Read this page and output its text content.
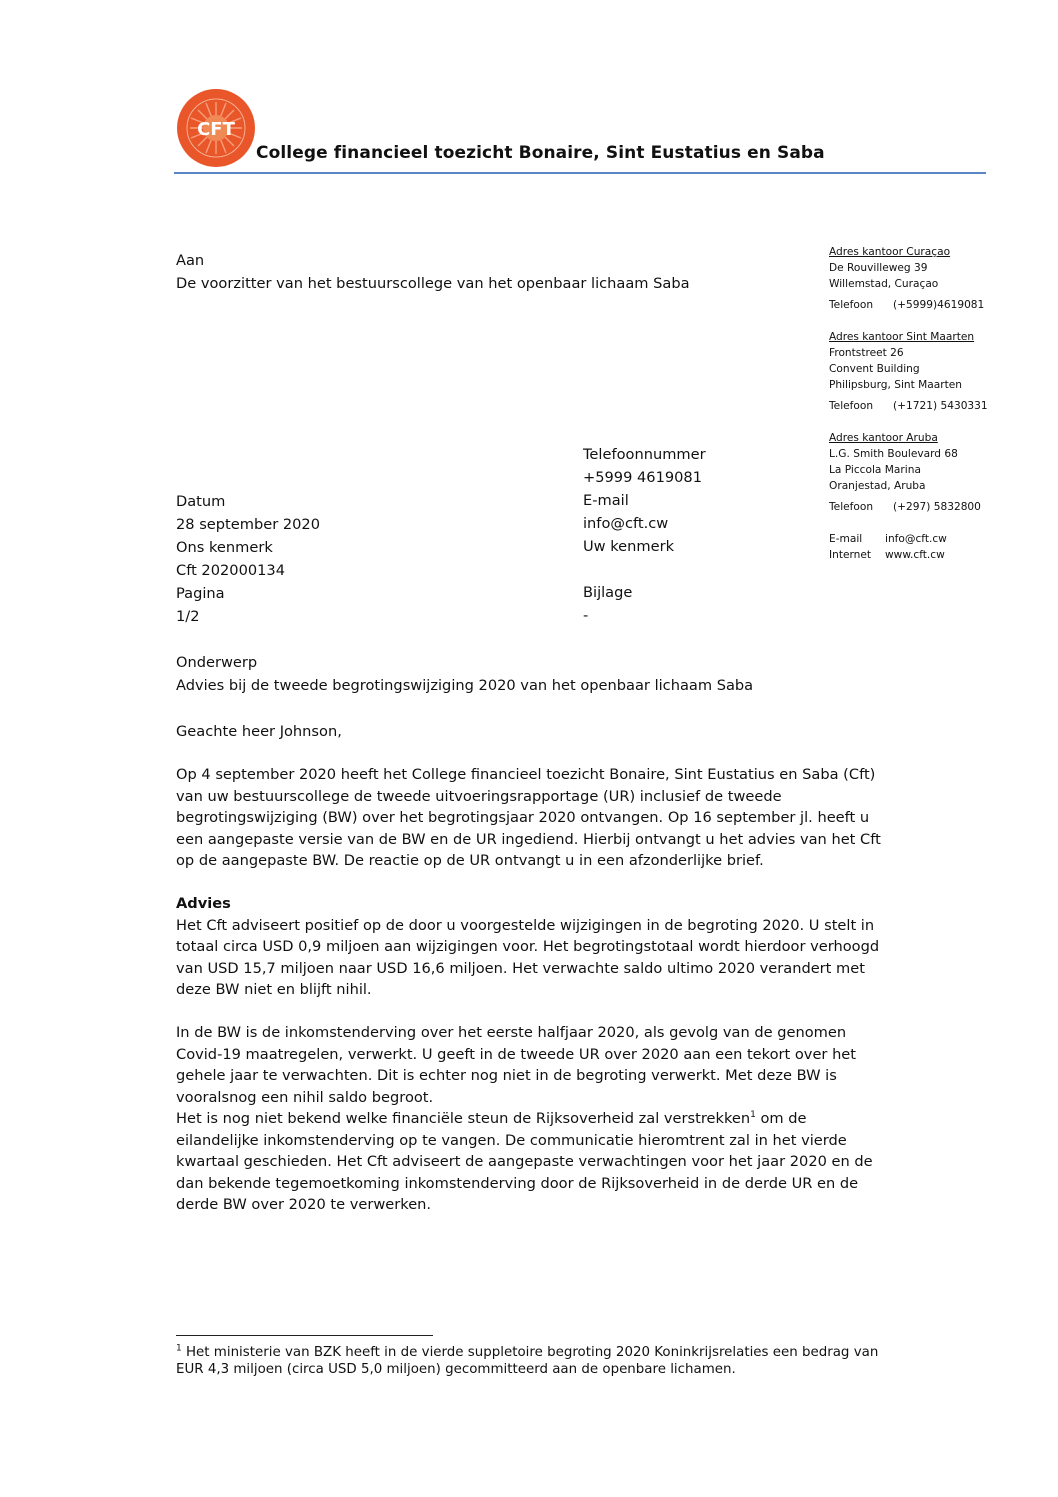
CFT
College financieel toezicht Bonaire, Sint Eustatius en Saba
Aan
De voorzitter van het bestuurscollege van het openbaar lichaam Saba
Datum
28 september 2020
Ons kenmerk
Cft 202000134
Pagina
1/2
Telefoonnummer
+5999 4619081
E-mail
info@cft.cw
Uw kenmerk
Bijlage
-
Onderwerp
Advies bij de tweede begrotingswijziging 2020 van het openbaar lichaam Saba
Adres kantoor Curaçao
De Rouvilleweg 39
Willemstad, Curaçao
Telefoon (+5999)4619081
Adres kantoor Sint Maarten
Frontstreet 26
Convent Building
Philipsburg, Sint Maarten
Telefoon (+1721) 5430331
Adres kantoor Aruba
L.G. Smith Boulevard 68
La Piccola Marina
Oranjestad, Aruba
Telefoon (+297) 5832800
E-mail info@cft.cw
Internet www.cft.cw

Geachte heer Johnson,

Op 4 september 2020 heeft het College financieel toezicht Bonaire, Sint Eustatius en Saba (Cft) van uw bestuurscollege de tweede uitvoeringsrapportage (UR) inclusief de tweede begrotingswijziging (BW) over het begrotingsjaar 2020 ontvangen. Op 16 september jl. heeft u een aangepaste versie van de BW en de UR ingediend. Hierbij ontvangt u het advies van het Cft op de aangepaste BW. De reactie op de UR ontvangt u in een afzonderlijke brief.

Advies

Het Cft adviseert positief op de door u voorgestelde wijzigingen in de begroting 2020. U stelt in totaal circa USD 0,9 miljoen aan wijzigingen voor. Het begrotingstotaal wordt hierdoor verhoogd van USD 15,7 miljoen naar USD 16,6 miljoen. Het verwachte saldo ultimo 2020 verandert met deze BW niet en blijft nihil.

In de BW is de inkomstenderving over het eerste halfjaar 2020, als gevolg van de genomen Covid-19 maatregelen, verwerkt. U geeft in de tweede UR over 2020 aan een tekort over het gehele jaar te verwachten. Dit is echter nog niet in de begroting verwerkt. Met deze BW is vooralsnog een nihil saldo begroot.

Het is nog niet bekend welke financiële steun de Rijksoverheid zal verstrekken$^1$ om de eilandelijke inkomstenderving op te vangen. De communicatie hieromtrent zal in het vierde kwartaal geschieden. Het Cft adviseert de aangepaste verwachtingen voor het jaar 2020 en de dan bekende tegemoetkoming inkomstenderving door de Rijksoverheid in de derde UR en de derde BW over 2020 te verwerken.

$^1$ Het ministerie van BZK heeft in de vierde suppletoire begroting 2020 Koninkrijsrelaties een bedrag van EUR 4,3 miljoen (circa USD 5,0 miljoen) gecommitteerd aan de openbare lichamen.
